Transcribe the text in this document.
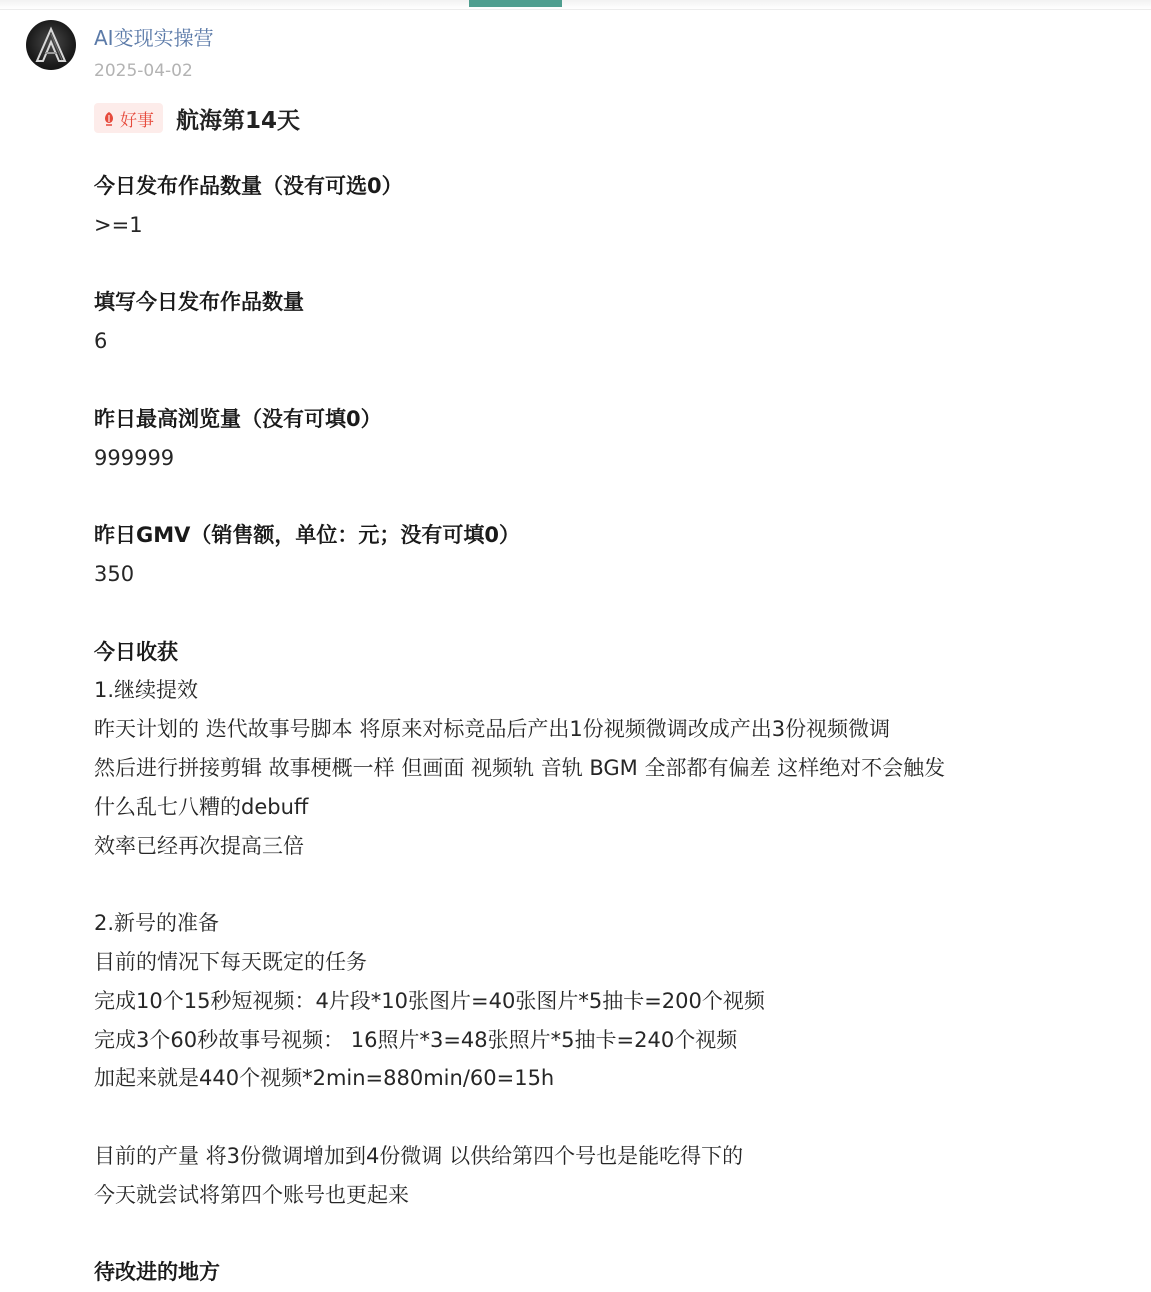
AI变现实操营
2025-04-02
好事 航海第14天
今日发布作品数量（没有可选0）
>=1
填写今日发布作品数量
6
昨日最高浏览量（没有可填0）
999999
昨日GMV（销售额，单位：元；没有可填0）
350
今日收获
1.继续提效
昨天计划的 迭代故事号脚本 将原来对标竞品后产出1份视频微调改成产出3份视频微调
然后进行拼接剪辑 故事梗概一样 但画面 视频轨 音轨 BGM 全部都有偏差 这样绝对不会触发
什么乱七八糟的debuff
效率已经再次提高三倍
2.新号的准备
目前的情况下每天既定的任务
完成10个15秒短视频：4片段*10张图片=40张图片*5抽卡=200个视频
完成3个60秒故事号视频： 16照片*3=48张照片*5抽卡=240个视频
加起来就是440个视频*2min=880min/60=15h
目前的产量 将3份微调增加到4份微调 以供给第四个号也是能吃得下的
今天就尝试将第四个账号也更起来
待改进的地方
